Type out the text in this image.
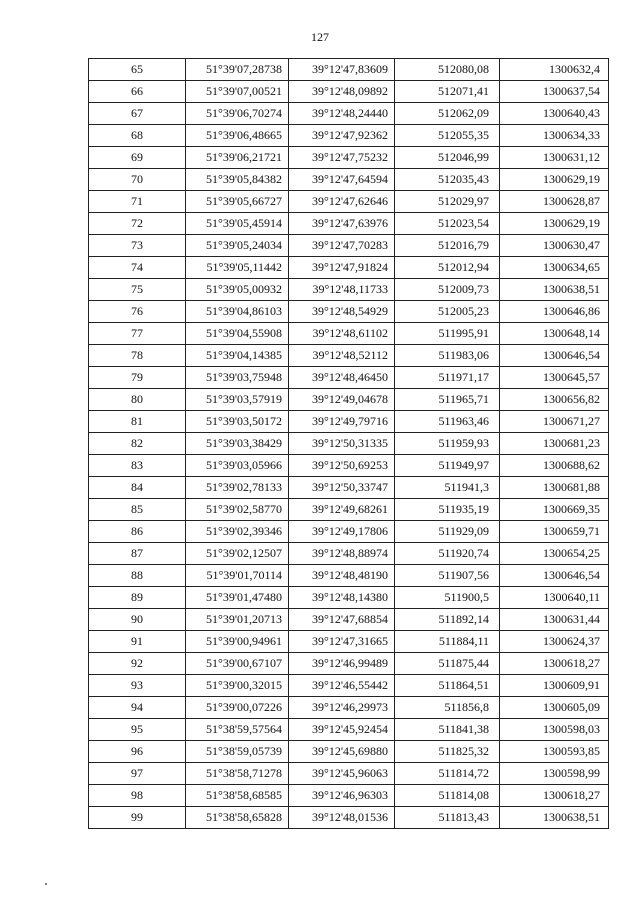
127
65	51°39'07,28738	39°12'47,83609	512080,08	1300632,4
66	51°39'07,00521	39°12'48,09892	512071,41	1300637,54
67	51°39'06,70274	39°12'48,24440	512062,09	1300640,43
68	51°39'06,48665	39°12'47,92362	512055,35	1300634,33
69	51°39'06,21721	39°12'47,75232	512046,99	1300631,12
70	51°39'05,84382	39°12'47,64594	512035,43	1300629,19
71	51°39'05,66727	39°12'47,62646	512029,97	1300628,87
72	51°39'05,45914	39°12'47,63976	512023,54	1300629,19
73	51°39'05,24034	39°12'47,70283	512016,79	1300630,47
74	51°39'05,11442	39°12'47,91824	512012,94	1300634,65
75	51°39'05,00932	39°12'48,11733	512009,73	1300638,51
76	51°39'04,86103	39°12'48,54929	512005,23	1300646,86
77	51°39'04,55908	39°12'48,61102	511995,91	1300648,14
78	51°39'04,14385	39°12'48,52112	511983,06	1300646,54
79	51°39'03,75948	39°12'48,46450	511971,17	1300645,57
80	51°39'03,57919	39°12'49,04678	511965,71	1300656,82
81	51°39'03,50172	39°12'49,79716	511963,46	1300671,27
82	51°39'03,38429	39°12'50,31335	511959,93	1300681,23
83	51°39'03,05966	39°12'50,69253	511949,97	1300688,62
84	51°39'02,78133	39°12'50,33747	511941,3	1300681,88
85	51°39'02,58770	39°12'49,68261	511935,19	1300669,35
86	51°39'02,39346	39°12'49,17806	511929,09	1300659,71
87	51°39'02,12507	39°12'48,88974	511920,74	1300654,25
88	51°39'01,70114	39°12'48,48190	511907,56	1300646,54
89	51°39'01,47480	39°12'48,14380	511900,5	1300640,11
90	51°39'01,20713	39°12'47,68854	511892,14	1300631,44
91	51°39'00,94961	39°12'47,31665	511884,11	1300624,37
92	51°39'00,67107	39°12'46,99489	511875,44	1300618,27
93	51°39'00,32015	39°12'46,55442	511864,51	1300609,91
94	51°39'00,07226	39°12'46,29973	511856,8	1300605,09
95	51°38'59,57564	39°12'45,92454	511841,38	1300598,03
96	51°38'59,05739	39°12'45,69880	511825,32	1300593,85
97	51°38'58,71278	39°12'45,96063	511814,72	1300598,99
98	51°38'58,68585	39°12'46,96303	511814,08	1300618,27
99	51°38'58,65828	39°12'48,01536	511813,43	1300638,51
